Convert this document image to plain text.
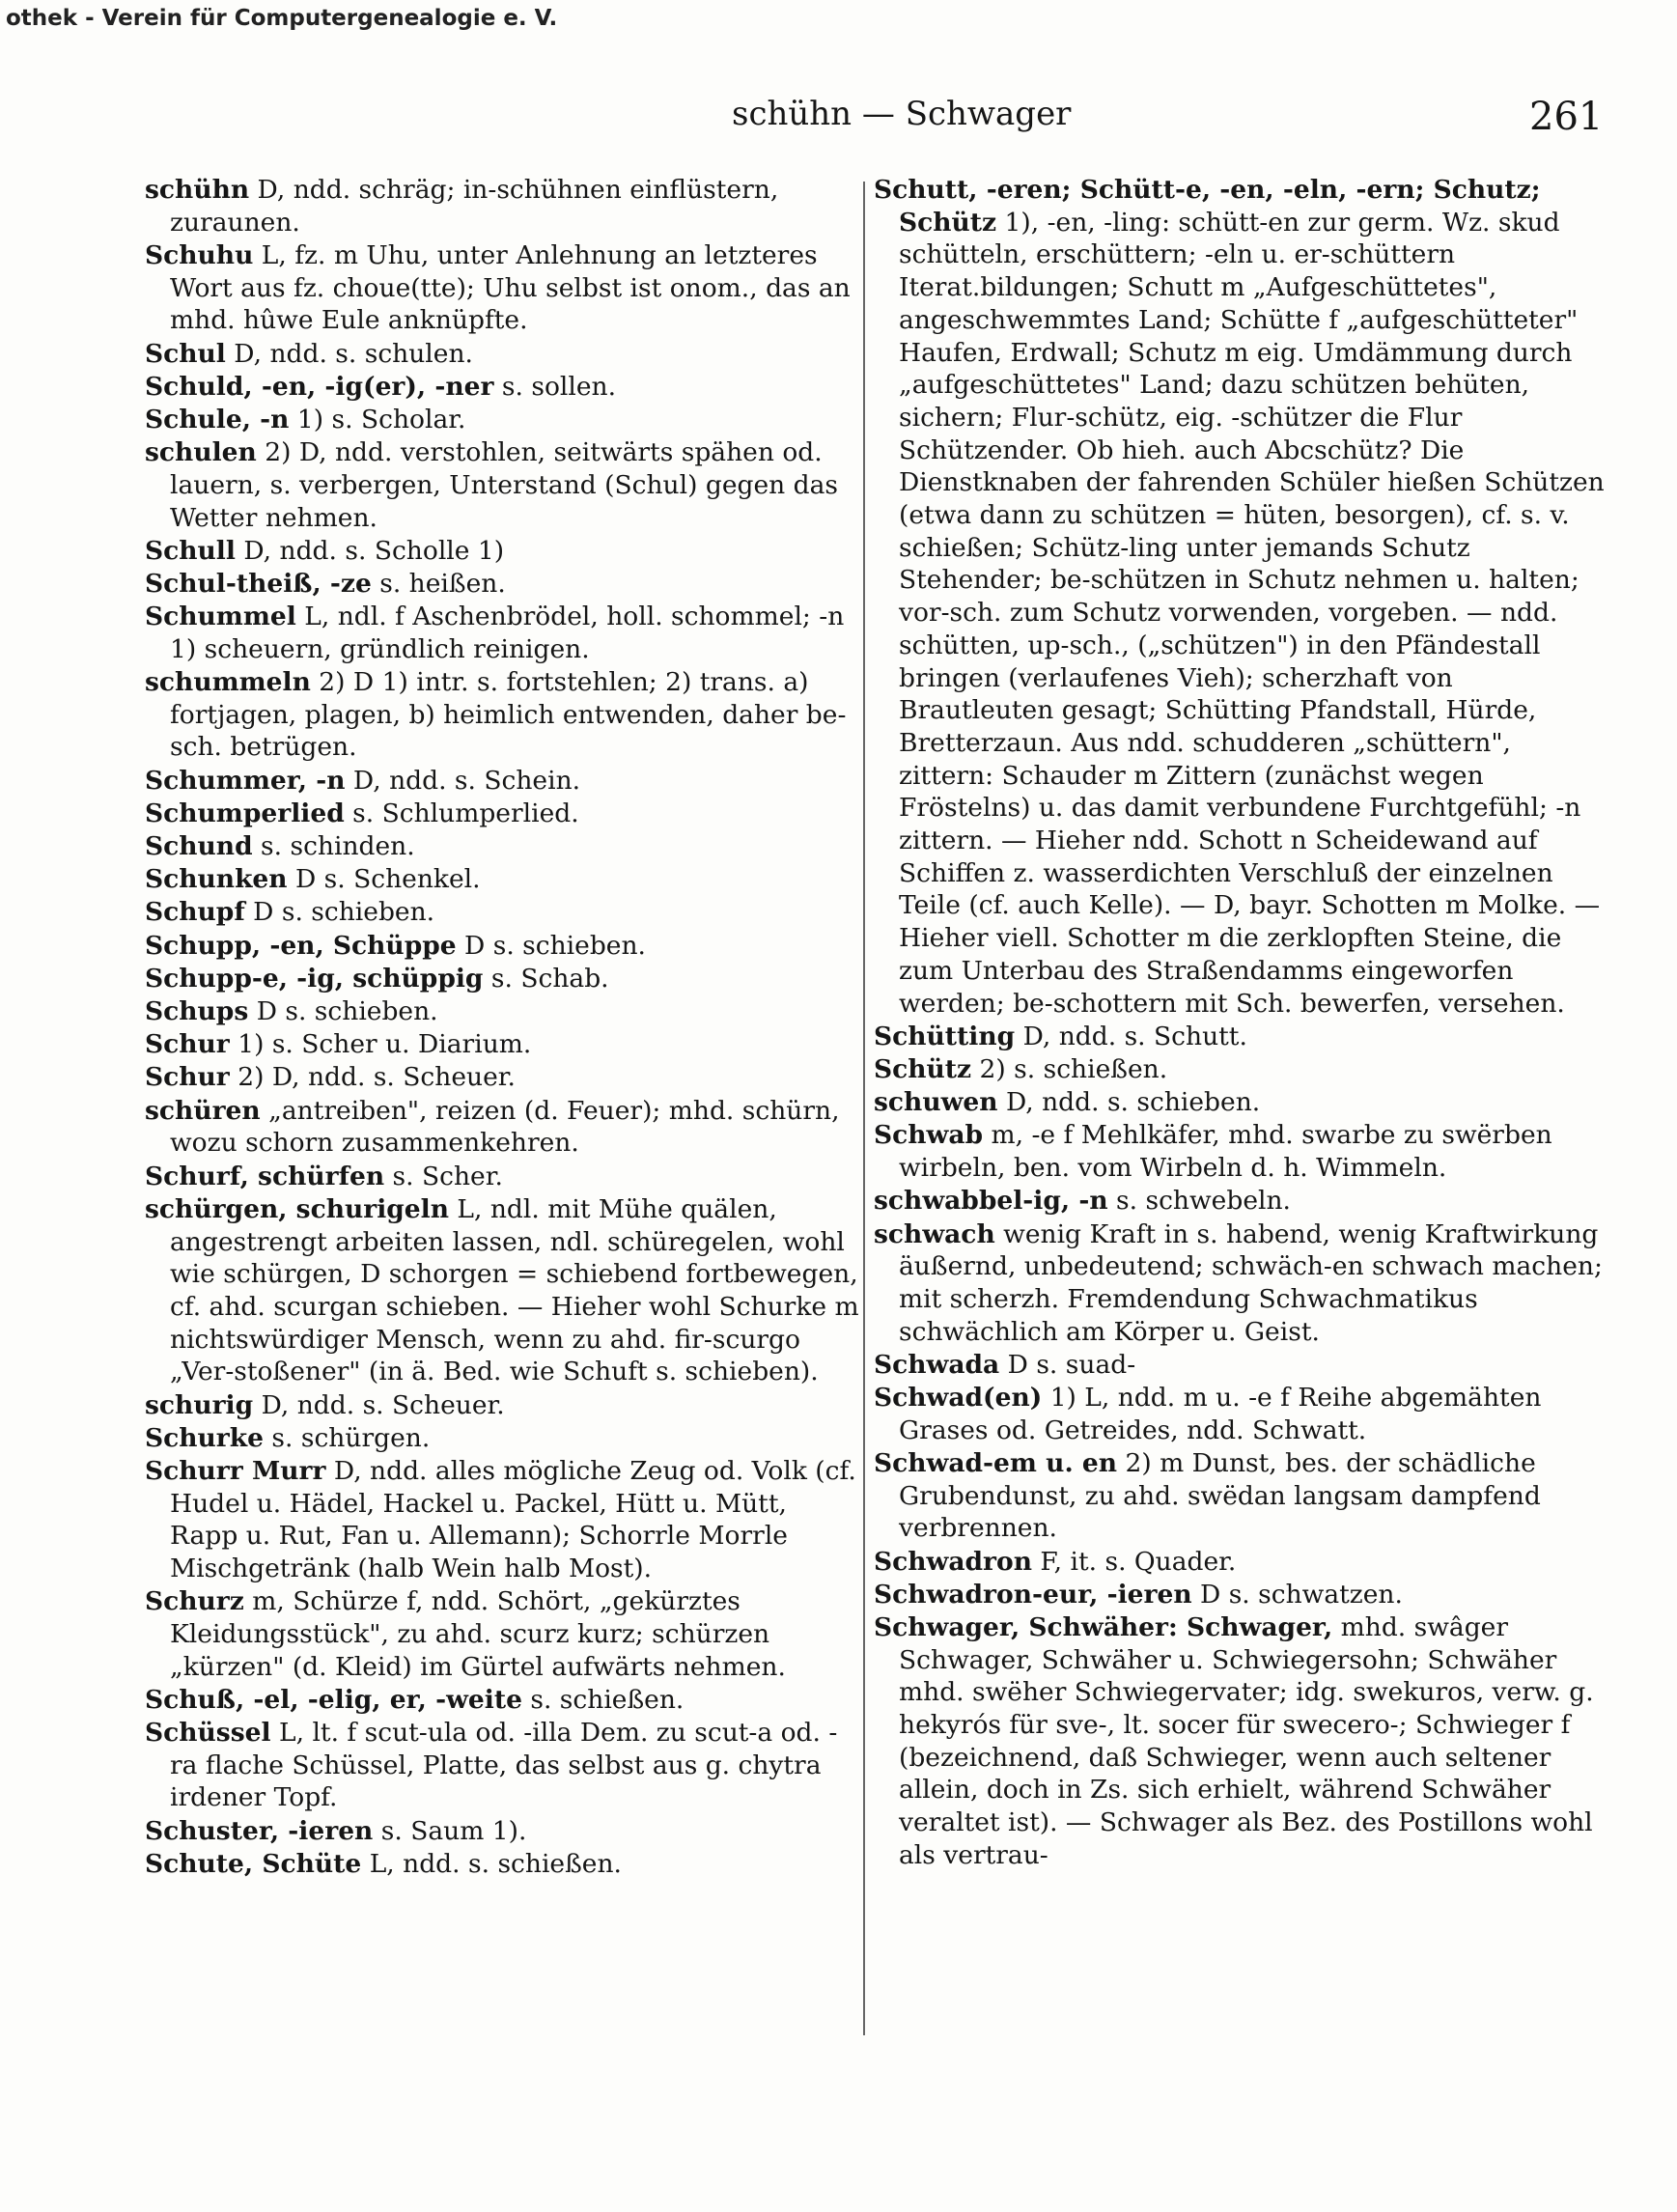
othek - Verein für Computergenealogie e. V.
schühn — Schwager	261

schühn D, ndd. schräg; in-schühnen einflüstern, zuraunen.

Schuhu L, fz. m Uhu, unter Anlehnung an letzteres Wort aus fz. choue(tte); Uhu selbst ist onom., das an mhd. hûwe Eule anknüpfte.

Schul D, ndd. s. schulen.

Schuld, -en, -ig(er), -ner s. sollen.

Schule, -n 1) s. Scholar.

schulen 2) D, ndd. verstohlen, seitwärts spähen od. lauern, s. verbergen, Unterstand (Schul) gegen das Wetter nehmen.

Schull D, ndd. s. Scholle 1)

Schul-theiß, -ze s. heißen.

Schummel L, ndl. f Aschenbrödel, holl. schommel; -n 1) scheuern, gründlich reinigen.

schummeln 2) D 1) intr. s. fortstehlen; 2) trans. a) fortjagen, plagen, b) heimlich entwenden, daher be-sch. betrügen.

Schummer, -n D, ndd. s. Schein.

Schumperlied s. Schlumperlied.

Schund s. schinden.

Schunken D s. Schenkel.

Schupf D s. schieben.

Schupp, -en, Schüppe D s. schieben.

Schupp-e, -ig, schüppig s. Schab.

Schups D s. schieben.

Schur 1) s. Scher u. Diarium.

Schur 2) D, ndd. s. Scheuer.

schüren „antreiben", reizen (d. Feuer); mhd. schürn, wozu schorn zusammenkehren.

Schurf, schürfen s. Scher.

schürgen, schurigeln L, ndl. mit Mühe quälen, angestrengt arbeiten lassen, ndl. schüregelen, wohl wie schürgen, D schorgen = schiebend fortbewegen, cf. ahd. scurgan schieben. — Hieher wohl Schurke m nichtswürdiger Mensch, wenn zu ahd. fir-scurgo „Ver-stoßener" (in ä. Bed. wie Schuft s. schieben).

schurig D, ndd. s. Scheuer.

Schurke s. schürgen.

Schurr Murr D, ndd. alles mögliche Zeug od. Volk (cf. Hudel u. Hädel, Hackel u. Packel, Hütt u. Mütt, Rapp u. Rut, Fan u. Allemann); Schorrle Morrle Mischgetränk (halb Wein halb Most).

Schurz m, Schürze f, ndd. Schört, „gekürztes Kleidungsstück", zu ahd. scurz kurz; schürzen „kürzen" (d. Kleid) im Gürtel aufwärts nehmen.

Schuß, -el, -elig, er, -weite s. schießen.

Schüssel L, lt. f scut-ula od. -illa Dem. zu scut-a od. -ra flache Schüssel, Platte, das selbst aus g. chytra irdener Topf.

Schuster, -ieren s. Saum 1).

Schute, Schüte L, ndd. s. schießen.

Schutt, -eren; Schütt-e, -en, -eln, -ern; Schutz; Schütz 1), -en, -ling: schütt-en zur germ. Wz. skud schütteln, erschüttern; -eln u. er-schüttern Iterat.bildungen; Schutt m „Aufgeschüttetes", angeschwemmtes Land; Schütte f „aufgeschütteter" Haufen, Erdwall; Schutz m eig. Umdämmung durch „aufgeschüttetes" Land; dazu schützen behüten, sichern; Flur-schütz, eig. -schützer die Flur Schützender. Ob hieh. auch Abcschütz? Die Dienstknaben der fahrenden Schüler hießen Schützen (etwa dann zu schützen = hüten, besorgen), cf. s. v. schießen; Schütz-ling unter jemands Schutz Stehender; be-schützen in Schutz nehmen u. halten; vor-sch. zum Schutz vorwenden, vorgeben. — ndd. schütten, up-sch., („schützen") in den Pfändestall bringen (verlaufenes Vieh); scherzhaft von Brautleuten gesagt; Schütting Pfandstall, Hürde, Bretterzaun. Aus ndd. schudderen „schüttern", zittern: Schauder m Zittern (zunächst wegen Fröstelns) u. das damit verbundene Furchtgefühl; -n zittern. — Hieher ndd. Schott n Scheidewand auf Schiffen z. wasserdichten Verschluß der einzelnen Teile (cf. auch Kelle). — D, bayr. Schotten m Molke. — Hieher viell. Schotter m die zerklopften Steine, die zum Unterbau des Straßendamms eingeworfen werden; be-schottern mit Sch. bewerfen, versehen.

Schütting D, ndd. s. Schutt.

Schütz 2) s. schießen.

schuwen D, ndd. s. schieben.

Schwab m, -e f Mehlkäfer, mhd. swarbe zu swërben wirbeln, ben. vom Wirbeln d. h. Wimmeln.

schwabbel-ig, -n s. schwebeln.

schwach wenig Kraft in s. habend, wenig Kraftwirkung äußernd, unbedeutend; schwäch-en schwach machen; mit scherzh. Fremdendung Schwachmatikus schwächlich am Körper u. Geist.

Schwada D s. suad-

Schwad(en) 1) L, ndd. m u. -e f Reihe abgemähten Grases od. Getreides, ndd. Schwatt.

Schwad-em u. en 2) m Dunst, bes. der schädliche Grubendunst, zu ahd. swëdan langsam dampfend verbrennen.

Schwadron F, it. s. Quader.

Schwadron-eur, -ieren D s. schwatzen.

Schwager, Schwäher: Schwager, mhd. swâger Schwager, Schwäher u. Schwiegersohn; Schwäher mhd. swëher Schwiegervater; idg. swekuros, verw. g. hekyrós für sve-, lt. socer für swecero-; Schwieger f (bezeichnend, daß Schwieger, wenn auch seltener allein, doch in Zs. sich erhielt, während Schwäher veraltet ist). — Schwager als Bez. des Postillons wohl als vertrau-
